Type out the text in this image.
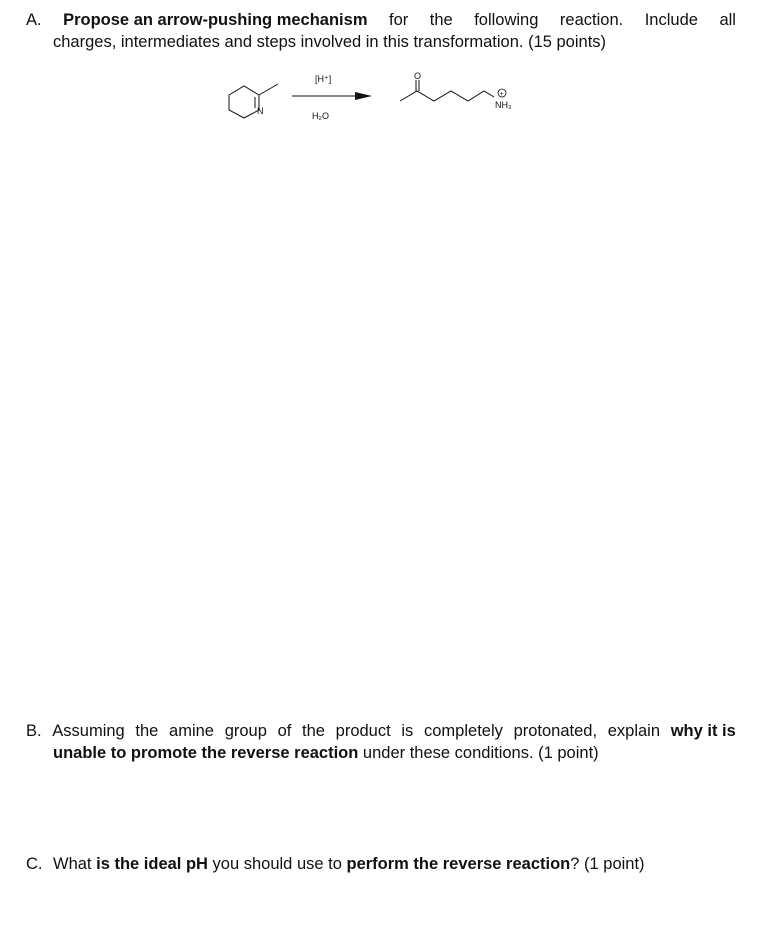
A. Propose an arrow-pushing mechanism for the following reaction. Include all
charges, intermediates and steps involved in this transformation. (15 points)
N
[H⁺]
H₂O
O
+
NH₃
B. Assuming the amine group of the product is completely protonated, explain why it is
unable to promote the reverse reaction under these conditions. (1 point)
C. What is the ideal pH you should use to perform the reverse reaction? (1 point)
